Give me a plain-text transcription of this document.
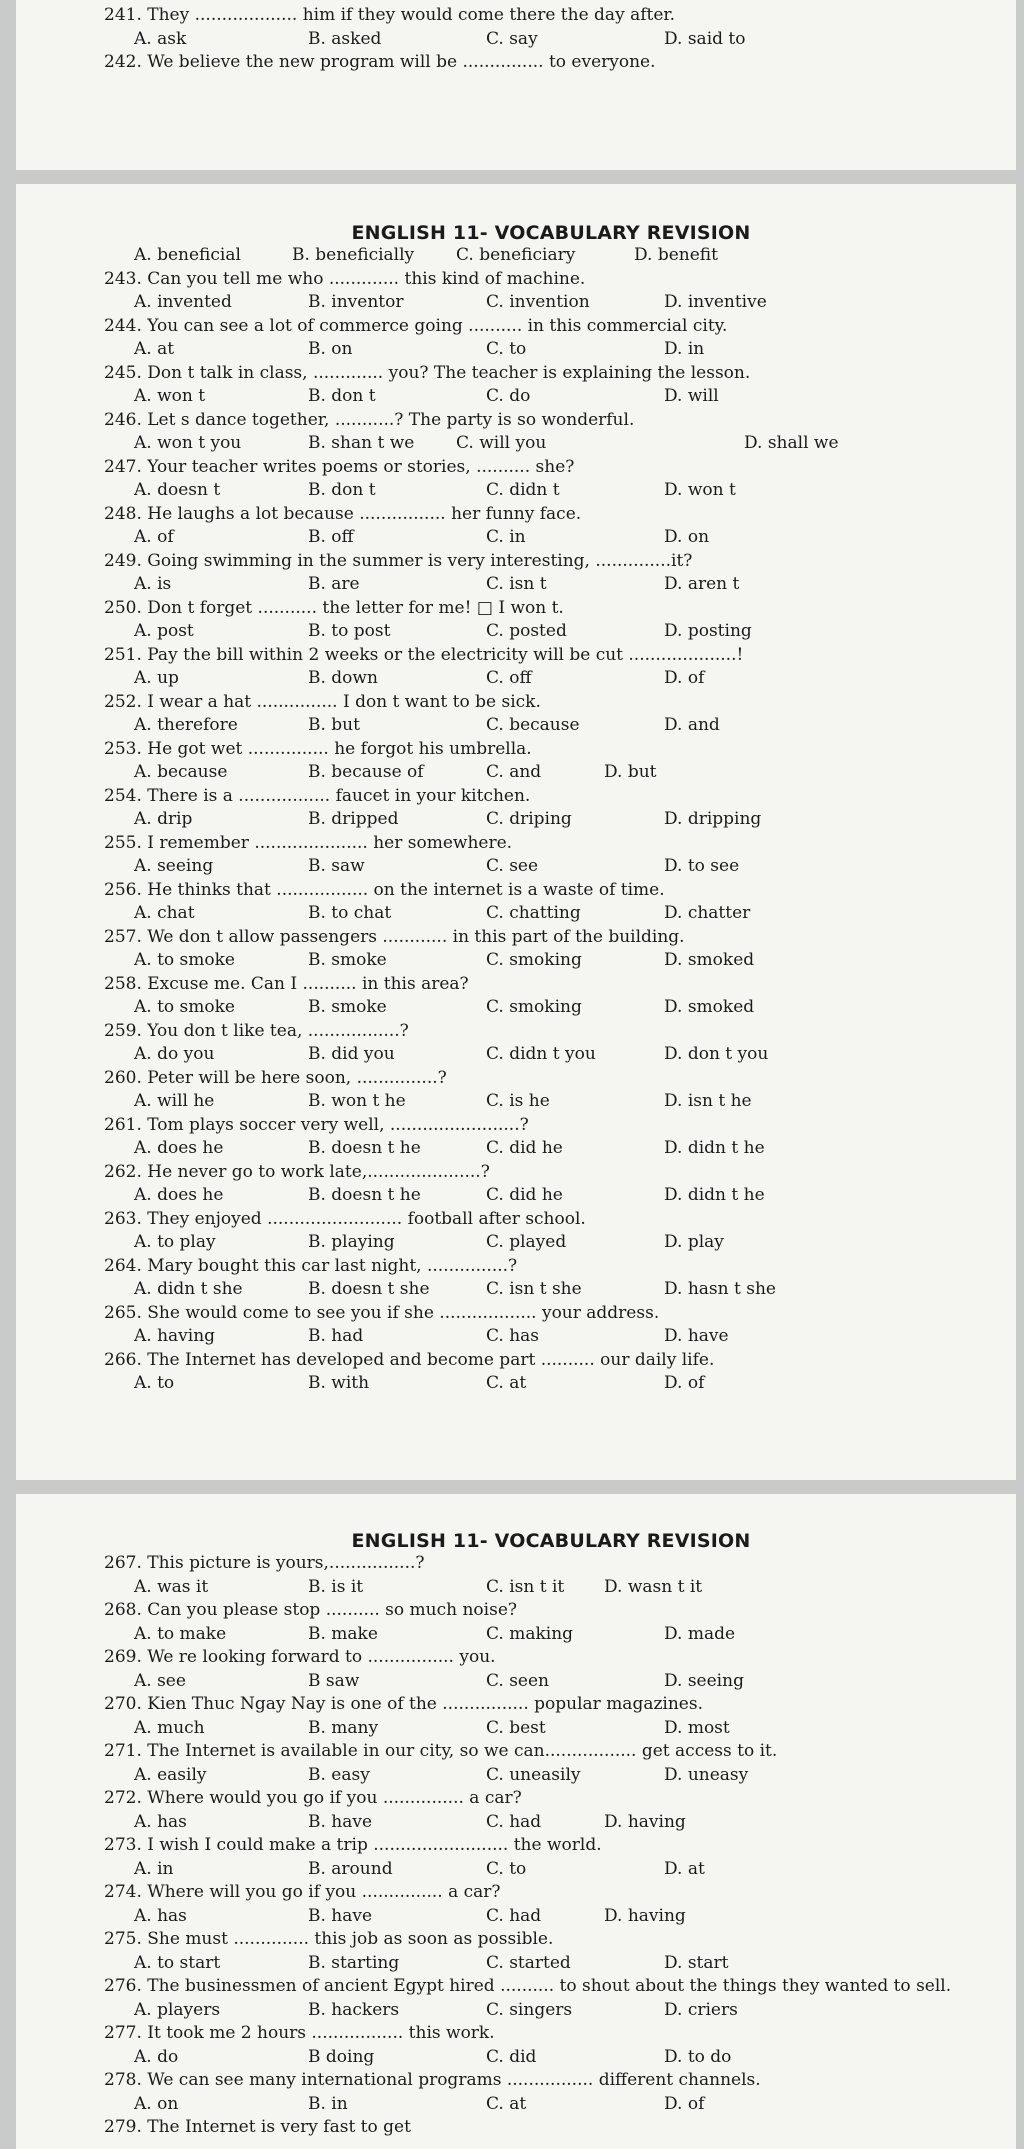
241. They ................... him if they would come there the day after.
A. ask	B. asked	C. say	D. said to
242. We believe the new program will be ............... to everyone.
ENGLISH 11- VOCABULARY REVISION
A. beneficial	B. beneficially C. beneficiary	D. benefit
243. Can you tell me who ............. this kind of machine.
A. invented	B. inventor	C. invention	D. inventive
244. You can see a lot of commerce going .......... in this commercial city.
A. at	B. on	C. to	D. in
245. Don t talk in class, ............. you? The teacher is explaining the lesson.
A. won t	B. don t	C. do	D. will
246. Let s dance together, ...........? The party is so wonderful.
A. won t you	B. shan t we C. will you	D. shall we
247. Your teacher writes poems or stories, .......... she?
A. doesn t	B. don t	C. didn t	D. won t
248. He laughs a lot because ................ her funny face.
A. of	B. off	C. in	D. on
249. Going swimming in the summer is very interesting, ..............it?
A. is	B. are	C. isn t	D. aren t
250. Don t forget ........... the letter for me! □ I won t.
A. post	B. to post	C. posted	D. posting
251. Pay the bill within 2 weeks or the electricity will be cut ....................!
A. up	B. down	C. off	D. of
252. I wear a hat ............... I don t want to be sick.
A. therefore	B. but	C. because	D. and
253. He got wet ............... he forgot his umbrella.
A. because	B. because of	C. and	D. but
254. There is a ................. faucet in your kitchen.
A. drip	B. dripped	C. driping	D. dripping
255. I remember ..................... her somewhere.
A. seeing	B. saw	C. see	D. to see
256. He thinks that ................. on the internet is a waste of time.
A. chat	B. to chat	C. chatting	D. chatter
257. We don t allow passengers ............ in this part of the building.
A. to smoke	B. smoke	C. smoking	D. smoked
258. Excuse me. Can I .......... in this area?
A. to smoke	B. smoke	C. smoking	D. smoked
259. You don t like tea, .................?
A. do you	B. did you	C. didn t you	D. don t you
260. Peter will be here soon, ...............?
A. will he	B. won t he	C. is he	D. isn t he
261. Tom plays soccer very well, ........................?
A. does he	B. doesn t he	C. did he	D. didn t he
262. He never go to work late,.....................?
A. does he	B. doesn t he	C. did he	D. didn t he
263. They enjoyed ......................... football after school.
A. to play	B. playing	C. played	D. play
264. Mary bought this car last night, ...............?
A. didn t she	B. doesn t she	C. isn t she	D. hasn t she
265. She would come to see you if she .................. your address.
A. having	B. had	C. has	D. have
266. The Internet has developed and become part .......... our daily life.
A. to	B. with	C. at	D. of
ENGLISH 11- VOCABULARY REVISION
267. This picture is yours,................?
A. was it	B. is it	C. isn t it D. wasn t it
268. Can you please stop .......... so much noise?
A. to make	B. make	C. making	D. made
269. We re looking forward to ................ you.
A. see	B saw	C. seen	D. seeing
270. Kien Thuc Ngay Nay is one of the ................ popular magazines.
A. much	B. many	C. best	D. most
271. The Internet is available in our city, so we can................. get access to it.
A. easily	B. easy	C. uneasily	D. uneasy
272. Where would you go if you ............... a car?
A. has	B. have	C. had	D. having
273. I wish I could make a trip ......................... the world.
A. in	B. around	C. to	D. at
274. Where will you go if you ............... a car?
A. has	B. have	C. had	D. having
275. She must .............. this job as soon as possible.
A. to start	B. starting	C. started	D. start
276. The businessmen of ancient Egypt hired .......... to shout about the things they wanted to sell.
A. players	B. hackers	C. singers	D. criers
277. It took me 2 hours ................. this work.
A. do	B doing	C. did	D. to do
278. We can see many international programs ................ different channels.
A. on	B. in	C. at	D. of
279. The Internet is very fast to get
